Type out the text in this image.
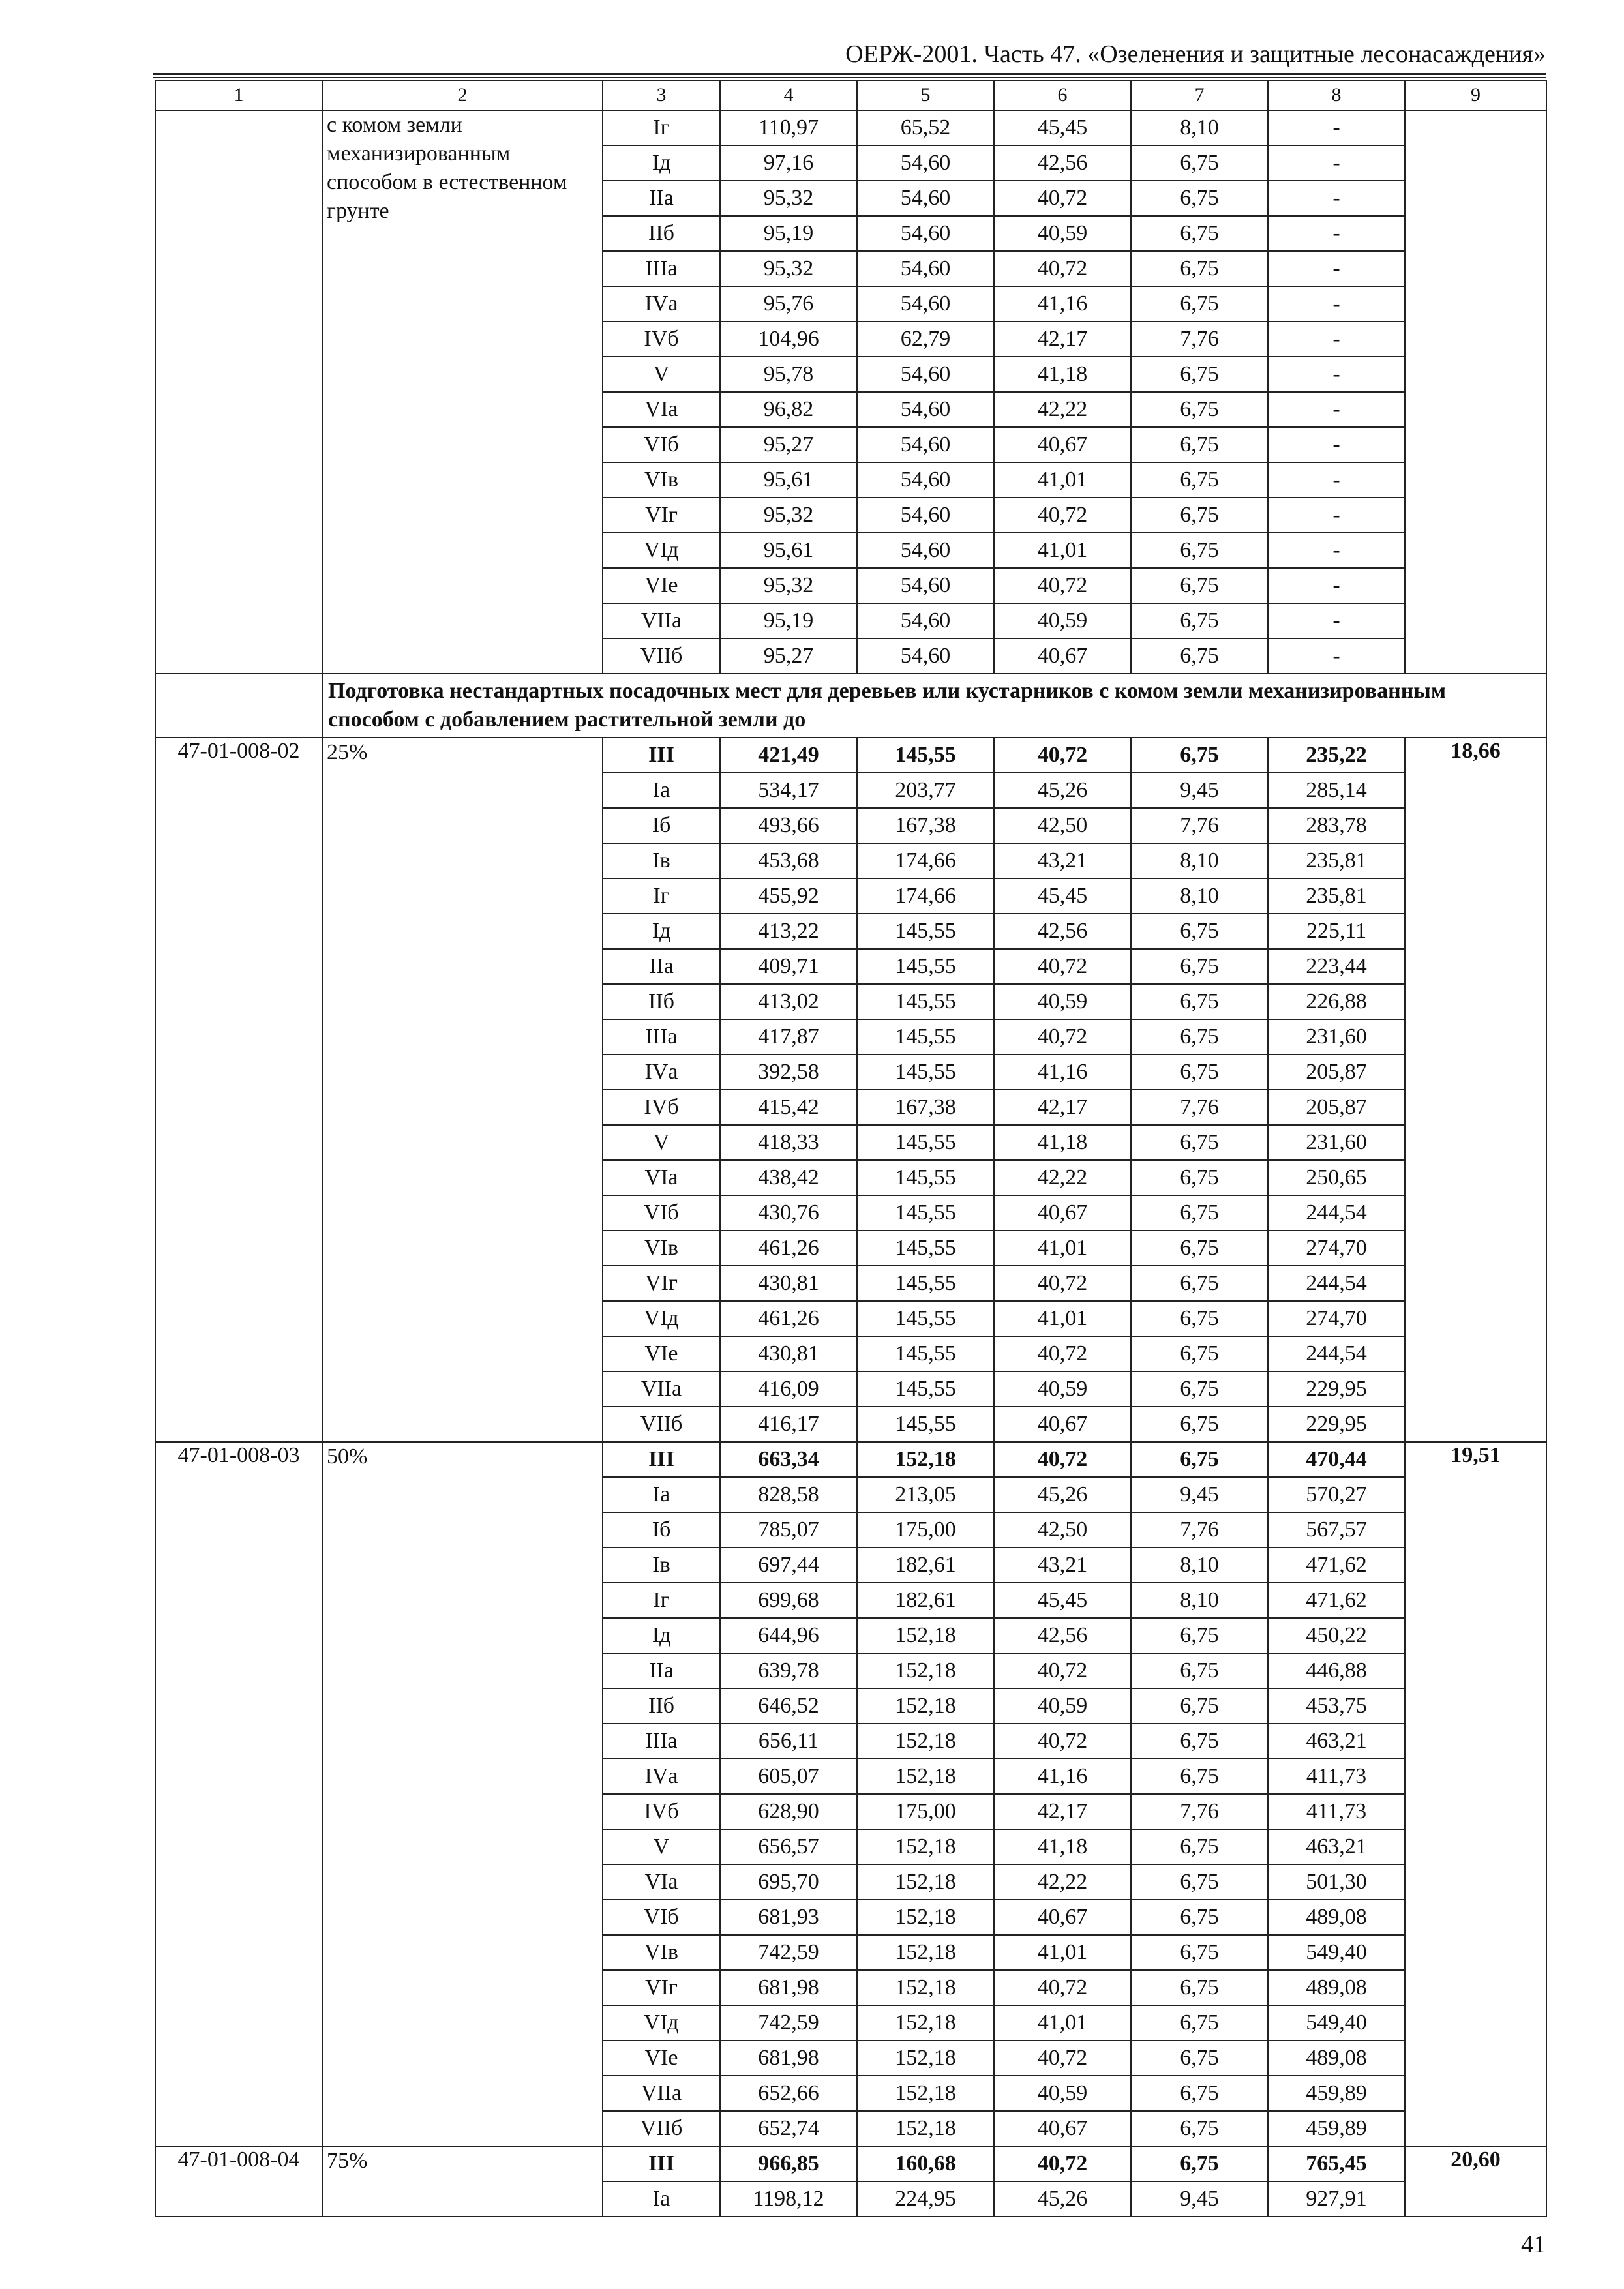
ОЕРЖ-2001. Часть 47. «Озеленения и защитные лесонасаждения»
1	2	3	4	5	6	7	8	9
	с комом земли механизированным способом в естественном грунте	Iг	110,97	65,52	45,45	8,10	-	
		Iд	97,16	54,60	42,56	6,75	-	
		IIа	95,32	54,60	40,72	6,75	-	
		IIб	95,19	54,60	40,59	6,75	-	
		IIIа	95,32	54,60	40,72	6,75	-	
		IVа	95,76	54,60	41,16	6,75	-	
		IVб	104,96	62,79	42,17	7,76	-	
		V	95,78	54,60	41,18	6,75	-	
		VIа	96,82	54,60	42,22	6,75	-	
		VIб	95,27	54,60	40,67	6,75	-	
		VIв	95,61	54,60	41,01	6,75	-	
		VIг	95,32	54,60	40,72	6,75	-	
		VIд	95,61	54,60	41,01	6,75	-	
		VIе	95,32	54,60	40,72	6,75	-	
		VIIа	95,19	54,60	40,59	6,75	-	
		VIIб	95,27	54,60	40,67	6,75	-	
	Подготовка нестандартных посадочных мест для деревьев или кустарников с комом земли механизированным способом с добавлением растительной земли до							
47-01-008-02	25%	III	421,49	145,55	40,72	6,75	235,22	18,66
		Iа	534,17	203,77	45,26	9,45	285,14	
		Iб	493,66	167,38	42,50	7,76	283,78	
		Iв	453,68	174,66	43,21	8,10	235,81	
		Iг	455,92	174,66	45,45	8,10	235,81	
		Iд	413,22	145,55	42,56	6,75	225,11	
		IIа	409,71	145,55	40,72	6,75	223,44	
		IIб	413,02	145,55	40,59	6,75	226,88	
		IIIа	417,87	145,55	40,72	6,75	231,60	
		IVа	392,58	145,55	41,16	6,75	205,87	
		IVб	415,42	167,38	42,17	7,76	205,87	
		V	418,33	145,55	41,18	6,75	231,60	
		VIа	438,42	145,55	42,22	6,75	250,65	
		VIб	430,76	145,55	40,67	6,75	244,54	
		VIв	461,26	145,55	41,01	6,75	274,70	
		VIг	430,81	145,55	40,72	6,75	244,54	
		VIд	461,26	145,55	41,01	6,75	274,70	
		VIе	430,81	145,55	40,72	6,75	244,54	
		VIIа	416,09	145,55	40,59	6,75	229,95	
		VIIб	416,17	145,55	40,67	6,75	229,95	
47-01-008-03	50%	III	663,34	152,18	40,72	6,75	470,44	19,51
		Iа	828,58	213,05	45,26	9,45	570,27	
		Iб	785,07	175,00	42,50	7,76	567,57	
		Iв	697,44	182,61	43,21	8,10	471,62	
		Iг	699,68	182,61	45,45	8,10	471,62	
		Iд	644,96	152,18	42,56	6,75	450,22	
		IIа	639,78	152,18	40,72	6,75	446,88	
		IIб	646,52	152,18	40,59	6,75	453,75	
		IIIа	656,11	152,18	40,72	6,75	463,21	
		IVа	605,07	152,18	41,16	6,75	411,73	
		IVб	628,90	175,00	42,17	7,76	411,73	
		V	656,57	152,18	41,18	6,75	463,21	
		VIа	695,70	152,18	42,22	6,75	501,30	
		VIб	681,93	152,18	40,67	6,75	489,08	
		VIв	742,59	152,18	41,01	6,75	549,40	
		VIг	681,98	152,18	40,72	6,75	489,08	
		VIд	742,59	152,18	41,01	6,75	549,40	
		VIе	681,98	152,18	40,72	6,75	489,08	
		VIIа	652,66	152,18	40,59	6,75	459,89	
		VIIб	652,74	152,18	40,67	6,75	459,89	
47-01-008-04	75%	III	966,85	160,68	40,72	6,75	765,45	20,60
		Iа	1198,12	224,95	45,26	9,45	927,91	
41
